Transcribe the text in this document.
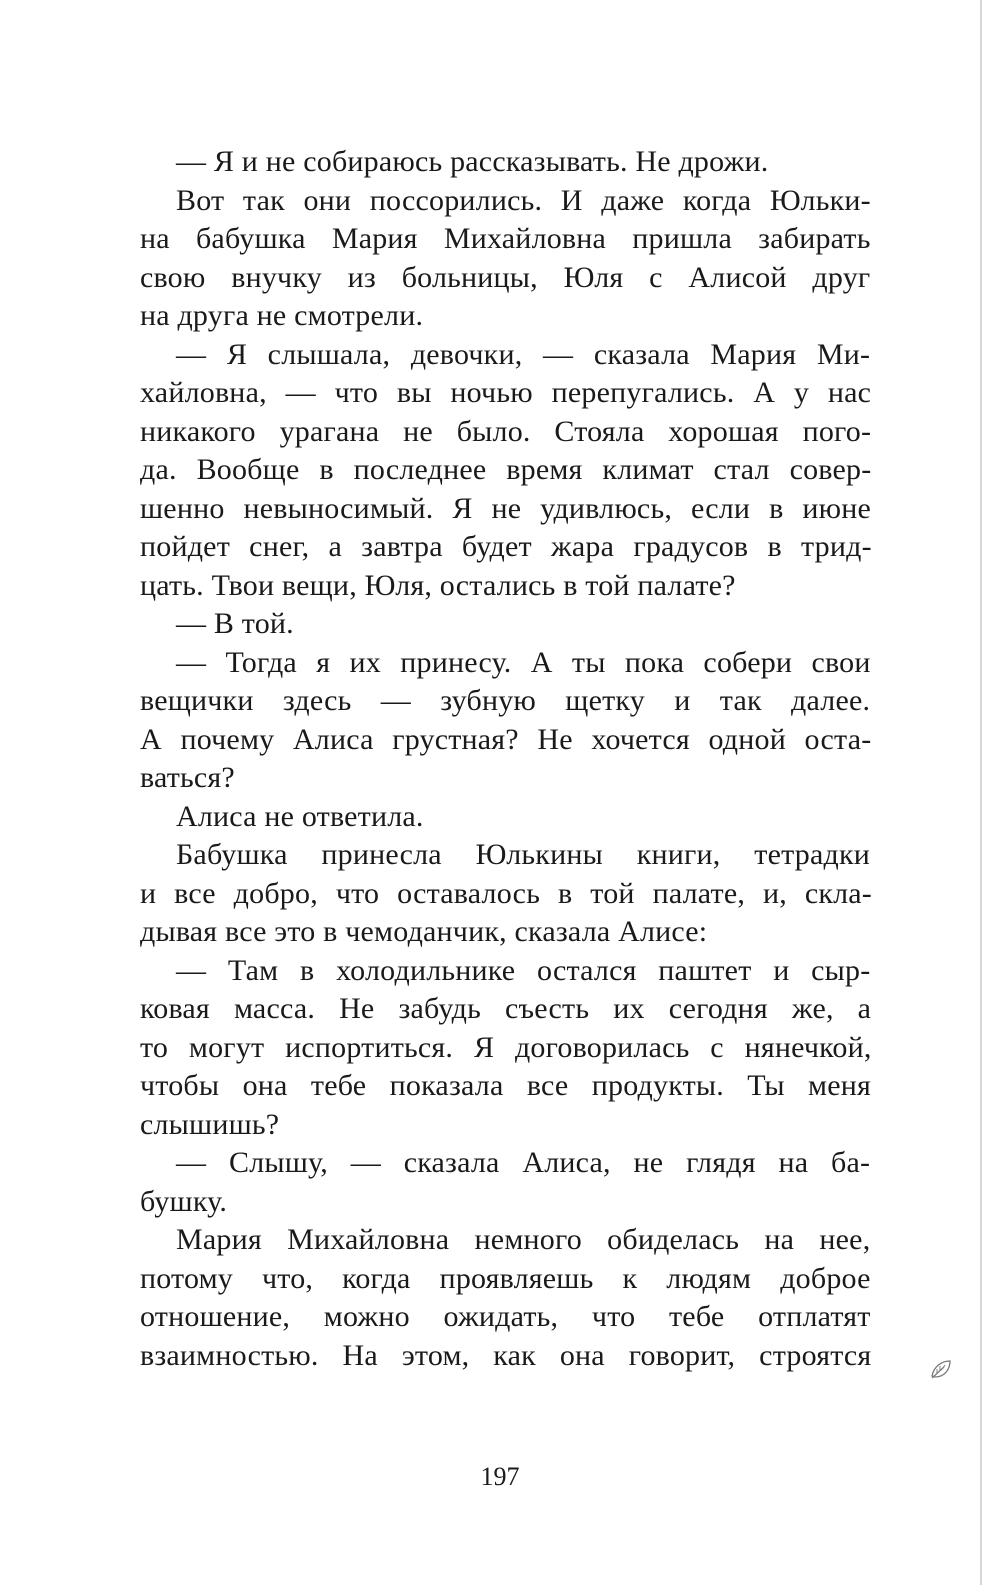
— Я и не собираюсь рассказывать. Не дрожи.
Вот так они поссорились. И даже когда Юльки-
на бабушка Мария Михайловна пришла забирать
свою внучку из больницы, Юля с Алисой друг
на друга не смотрели.
— Я слышала, девочки, — сказала Мария Ми-
хайловна, — что вы ночью перепугались. А у нас
никакого урагана не было. Стояла хорошая пого-
да. Вообще в последнее время климат стал совер-
шенно невыносимый. Я не удивлюсь, если в июне
пойдет снег, а завтра будет жара градусов в трид-
цать. Твои вещи, Юля, остались в той палате?
— В той.
— Тогда я их принесу. А ты пока собери свои
вещички здесь — зубную щетку и так далее.
А почему Алиса грустная? Не хочется одной оста-
ваться?
Алиса не ответила.
Бабушка принесла Юлькины книги, тетрадки
и все добро, что оставалось в той палате, и, скла-
дывая все это в чемоданчик, сказала Алисе:
— Там в холодильнике остался паштет и сыр-
ковая масса. Не забудь съесть их сегодня же, а
то могут испортиться. Я договорилась с нянечкой,
чтобы она тебе показала все продукты. Ты меня
слышишь?
— Слышу, — сказала Алиса, не глядя на ба-
бушку.
Мария Михайловна немного обиделась на нее,
потому что, когда проявляешь к людям доброе
отношение, можно ожидать, что тебе отплатят
взаимностью. На этом, как она говорит, строятся
197
